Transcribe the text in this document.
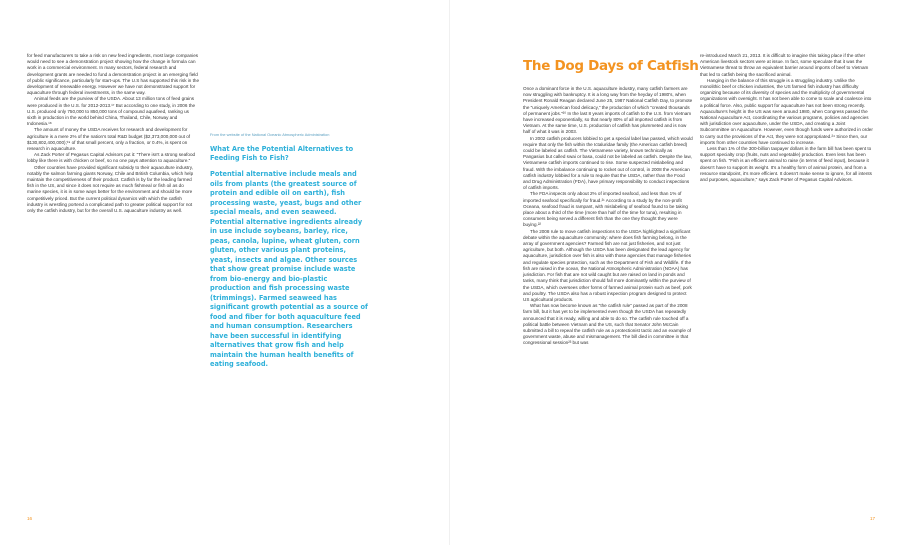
for feed manufacturers to take a risk on new feed ingredients, most large companies would need to see a demonstration project showing how the change in formula can work in a commercial environment. In many sectors, federal research and development grants are needed to fund a demonstration project in an emerging field of public significance, particularly for start-ups. The U.S has supported this risk in the development of renewable energy. However we have not demonstrated support for aquaculture through federal investments, in the same way.

Animal feeds are the purview of the USDA. About 13 million tons of feed grains were produced in the U.S. for 2012-2013.¹⁷ But according to one study, in 2006 the U.S. produced only 750,000 to 850,000 tons of compound aquafeed, ranking us sixth in production in the world behind China, Thailand, Chile, Norway and Indonesia.¹⁸

The amount of money the USDA receives for research and development for agriculture is a mere 2% of the nation's total R&D budget ($2,373,000,000 out of $130,802,400,000);¹⁹ of that small percent, only a fraction, or 0.4%, is spent on research in aquaculture.

As Zack Porter of Pegasus Capital Advisors put it: "There isn't a strong seafood lobby like there is with chicken or beef, so no one pays attention to aquaculture."

Other countries have provided significant subsidy to their aquaculture industry, notably the salmon farming giants Norway, Chile and British Columbia, which help maintain the competitiveness of their product. Catfish is by far the leading farmed fish in the US, and since it does not require as much fishmeal or fish oil as do marine species, it is in some ways better for the environment and should be more competitively priced. But the current political dynamics with which the catfish industry is wrestling portend a complicated path to greater political support for not only the catfish industry, but for the overall U.S. aquaculture industry as well.

From the website of the National Oceanic Atmospheric Administration
What Are the Potential Alternatives to Feeding Fish to Fish?
Potential alternative include meals and oils from plants (the greatest source of protein and edible oil on earth), fish processing waste, yeast, bugs and other special meals, and even seaweed. Potential alternative ingredients already in use include soybeans, barley, rice, peas, canola, lupine, wheat gluten, corn gluten, other various plant proteins, yeast, insects and algae. Other sources that show great promise include waste from bio-energy and bio-plastic production and fish processing waste (trimmings). Farmed seaweed has significant growth potential as a source of food and fiber for both aquaculture feed and human consumption. Researchers have been successful in identifying alternatives that grow fish and help maintain the human health benefits of eating seafood.
16
The Dog Days of Catfish

Once a dominant force in the U.S. aquaculture industry, many catfish farmers are now struggling with bankruptcy. It is a long way from the heyday of 1980's, when President Ronald Reagan declared June 25, 1987 National Catfish Day, to promote the "uniquely American food delicacy," the production of which "created thousands of permanent jobs."²⁰ In the last 8 years imports of catfish to the U.S. from Vietnam have increased exponentially, so that nearly 80% of all imported catfish is from Vietnam. At the same time, U.S. production of catfish has plummeted and is now half of what it was in 2003.

In 2002 catfish producers lobbied to get a special label law passed, which would require that only the fish within the Ictaluridae family (the American catfish breed) could be labeled as catfish. The Vietnamese variety, known technically as Pangasius but called swai or basa, could not be labeled as catfish. Despite the law, Vietnamese catfish imports continued to rise. Some suspected mislabeling and fraud. With the imbalance continuing to rocket out of control, in 2008 the American catfish industry lobbied for a rule to require that the USDA, rather than the Food and Drug Administration (FDA), have primary responsibility to conduct inspections of catfish imports.

The FDA inspects only about 2% of imported seafood, and less than 1% of imported seafood specifically for fraud.²¹ According to a study by the non-profit Oceana, seafood fraud is rampant, with mislabeling of seafood found to be taking place about a third of the time (more than half of the time for tuna), resulting in consumers being served a different fish than the one they thought they were buying.²²

The 2008 rule to move catfish inspections to the USDA highlighted a significant debate within the aquaculture community: where does fish farming belong, in the array of government agencies? Farmed fish are not just fisheries, and not just agriculture, but both. Although the USDA has been designated the lead agency for aquaculture, jurisdiction over fish is also with those agencies that manage fisheries and regulate species protection, such as the Department of Fish and Wildlife. If the fish are raised in the ocean, the National Atmospheric Administration (NOAA) has jurisdiction. For fish that are not wild caught but are raised on land in ponds and tanks, many think that jurisdiction should fall more dominantly within the purview of the USDA, which oversees other forms of farmed animal protein such as beef, pork and poultry. The USDA also has a robust inspection program designed to protect US agricultural products.

What has now become known as "the catfish rule" passed as part of the 2008 farm bill, but it has yet to be implemented even though the USDA has repeatedly announced that it is ready, willing and able to do so. The catfish rule touched off a political battle between Vietnam and the US, such that Senator John McCain submitted a bill to repeal the catfish rule as a protectionist tactic and an example of government waste, abuse and mismanagement. The bill died in committee in that congressional session²³ but was

re-introduced March 21, 2013. It is difficult to imagine this taking place if the other American livestock sectors were at issue. In fact, some speculate that it was the Vietnamese threat to throw an equivalent barrier around imports of beef to Vietnam that led to catfish being the sacrificed animal.

Hanging in the balance of this struggle is a struggling industry. Unlike the monolithic beef or chicken industries, the US farmed fish industry has difficulty organizing because of its diversity of species and the multiplicity of governmental organizations with oversight. It has not been able to come to scale and coalesce into a political force. Also, public support for aquaculture has not been strong recently. Aquaculture's height in the US was seen around 1980, when Congress passed the National Aquaculture Act, coordinating the various programs, policies and agencies with jurisdiction over aquaculture, under the USDA, and creating a Joint Subcommittee on Aquaculture. However, even though funds were authorized in order to carry out the provisions of the Act, they were not appropriated.²⁴ Since then, our imports from other countries have continued to increase.

Less than 1% of the 300-billion taxpayer dollars in the farm bill has been spent to support specialty crop (fruits, nuts and vegetable) production. Even less has been spent on fish. "Fish is an efficient animal to raise (in terms of feed input), because it doesn't have to support its weight. It's a healthy form of animal protein, and from a resource standpoint, it's more efficient. It doesn't make sense to ignore, for all intents and purposes, aquaculture," says Zack Porter of Pegasus Capital Advisors.

17
